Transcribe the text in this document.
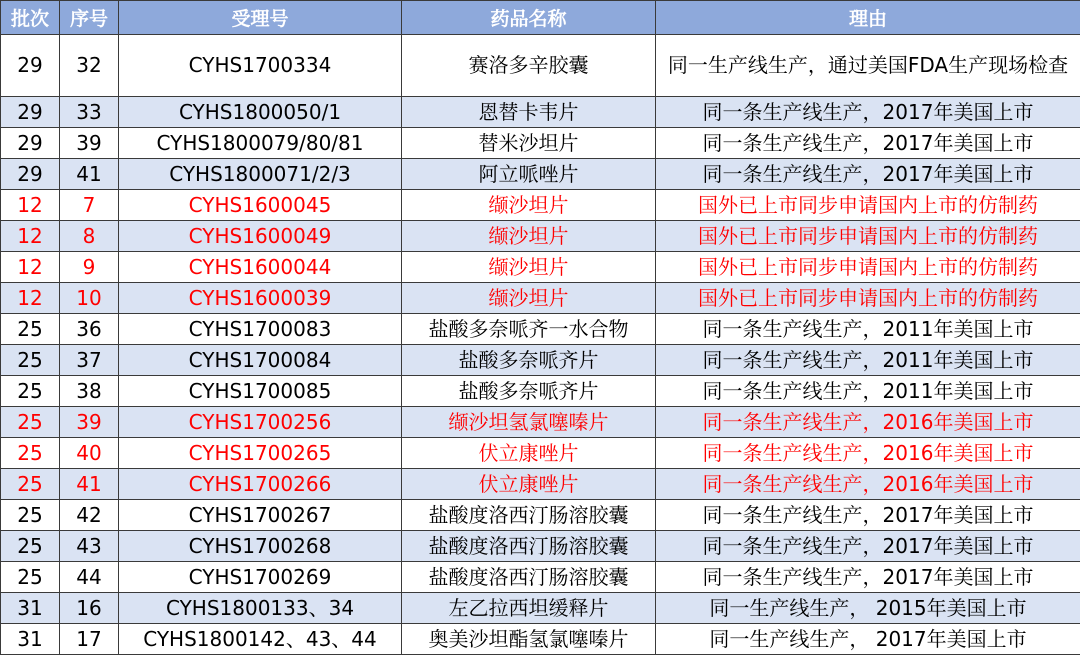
批次	序号	受理号	药品名称	理由
29	32	CYHS1700334	赛洛多辛胶囊	同一生产线生产，通过美国FDA生产现场检查
29	33	CYHS1800050/1	恩替卡韦片	同一条生产线生产，2017年美国上市
29	39	CYHS1800079/80/81	替米沙坦片	同一条生产线生产，2017年美国上市
29	41	CYHS1800071/2/3	阿立哌唑片	同一条生产线生产，2017年美国上市
12	7	CYHS1600045	缬沙坦片	国外已上市同步申请国内上市的仿制药
12	8	CYHS1600049	缬沙坦片	国外已上市同步申请国内上市的仿制药
12	9	CYHS1600044	缬沙坦片	国外已上市同步申请国内上市的仿制药
12	10	CYHS1600039	缬沙坦片	国外已上市同步申请国内上市的仿制药
25	36	CYHS1700083	盐酸多奈哌齐一水合物	同一条生产线生产，2011年美国上市
25	37	CYHS1700084	盐酸多奈哌齐片	同一条生产线生产，2011年美国上市
25	38	CYHS1700085	盐酸多奈哌齐片	同一条生产线生产，2011年美国上市
25	39	CYHS1700256	缬沙坦氢氯噻嗪片	同一条生产线生产，2016年美国上市
25	40	CYHS1700265	伏立康唑片	同一条生产线生产，2016年美国上市
25	41	CYHS1700266	伏立康唑片	同一条生产线生产，2016年美国上市
25	42	CYHS1700267	盐酸度洛西汀肠溶胶囊	同一条生产线生产，2017年美国上市
25	43	CYHS1700268	盐酸度洛西汀肠溶胶囊	同一条生产线生产，2017年美国上市
25	44	CYHS1700269	盐酸度洛西汀肠溶胶囊	同一条生产线生产，2017年美国上市
31	16	CYHS1800133、34	左乙拉西坦缓释片	同一生产线生产， 2015年美国上市
31	17	CYHS1800142、43、44	奥美沙坦酯氢氯噻嗪片	同一生产线生产， 2017年美国上市
